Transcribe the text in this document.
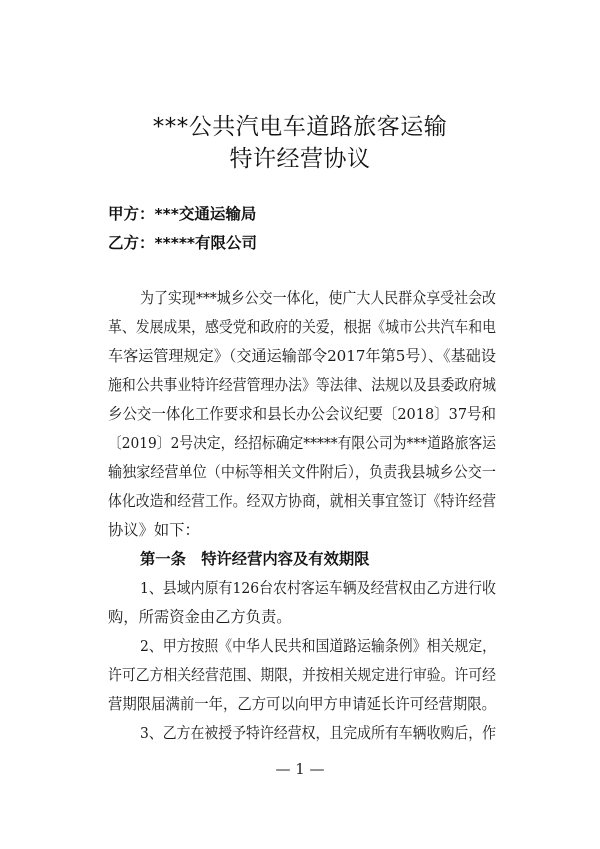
***公共汽电车道路旅客运输
特许经营协议
甲方：***交通运输局
乙方：*****有限公司
为了实现***城乡公交一体化，使广大人民群众享受社会改
革、发展成果，感受党和政府的关爱，根据《城市公共汽车和电
车客运管理规定》（交通运输部令2017年第5号）、《基础设
施和公共事业特许经营管理办法》等法律、法规以及县委政府城
乡公交一体化工作要求和县长办公会议纪要〔2018〕37号和
〔2019〕2号决定，经招标确定*****有限公司为***道路旅客运
输独家经营单位（中标等相关文件附后），负责我县城乡公交一
体化改造和经营工作。经双方协商，就相关事宜签订《特许经营
协议》如下：
第一条　特许经营内容及有效期限
1、县域内原有126台农村客运车辆及经营权由乙方进行收
购，所需资金由乙方负责。
2、甲方按照《中华人民共和国道路运输条例》相关规定，
许可乙方相关经营范围、期限，并按相关规定进行审验。许可经
营期限届满前一年，乙方可以向甲方申请延长许可经营期限。
3、乙方在被授予特许经营权，且完成所有车辆收购后，作
— 1 —
